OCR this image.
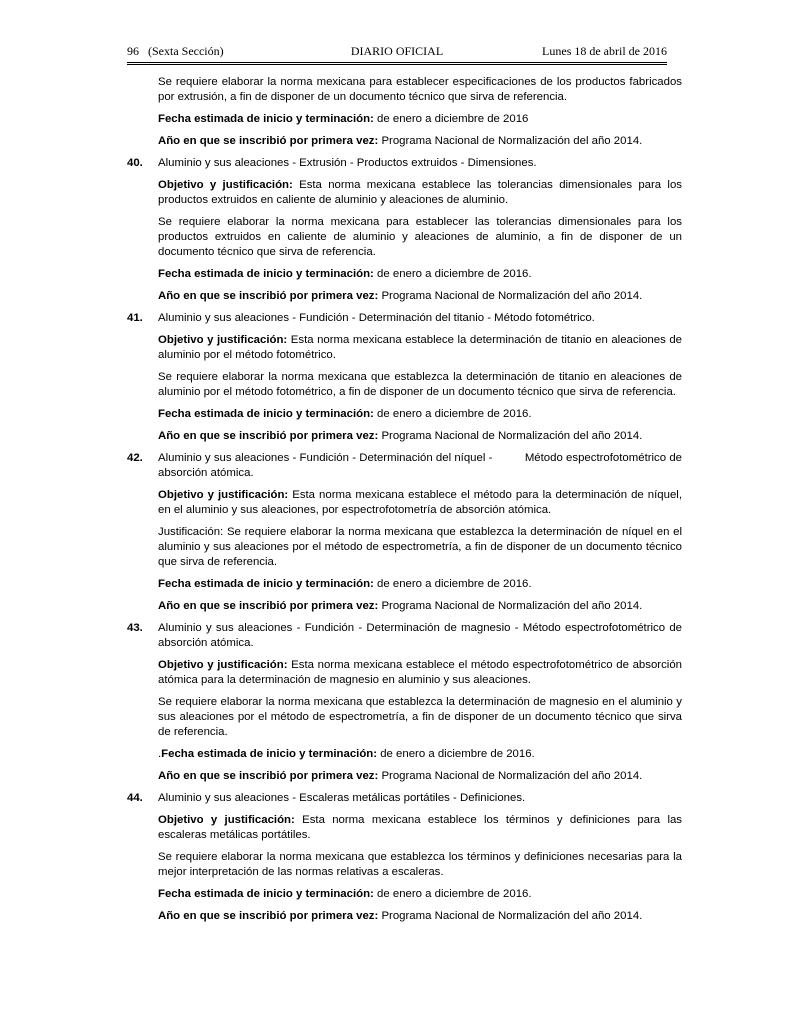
96 (Sexta Sección)	DIARIO OFICIAL	Lunes 18 de abril de 2016

Se requiere elaborar la norma mexicana para establecer especificaciones de los productos fabricados por extrusión, a fin de disponer de un documento técnico que sirva de referencia.

Fecha estimada de inicio y terminación: de enero a diciembre de 2016

Año en que se inscribió por primera vez: Programa Nacional de Normalización del año 2014.

40. Aluminio y sus aleaciones - Extrusión - Productos extruidos - Dimensiones.

Objetivo y justificación: Esta norma mexicana establece las tolerancias dimensionales para los productos extruidos en caliente de aluminio y aleaciones de aluminio.

Se requiere elaborar la norma mexicana para establecer las tolerancias dimensionales para los productos extruidos en caliente de aluminio y aleaciones de aluminio, a fin de disponer de un documento técnico que sirva de referencia.

Fecha estimada de inicio y terminación: de enero a diciembre de 2016.

Año en que se inscribió por primera vez: Programa Nacional de Normalización del año 2014.

41. Aluminio y sus aleaciones - Fundición - Determinación del titanio - Método fotométrico.

Objetivo y justificación: Esta norma mexicana establece la determinación de titanio en aleaciones de aluminio por el método fotométrico.

Se requiere elaborar la norma mexicana que establezca la determinación de titanio en aleaciones de aluminio por el método fotométrico, a fin de disponer de un documento técnico que sirva de referencia.

Fecha estimada de inicio y terminación: de enero a diciembre de 2016.

Año en que se inscribió por primera vez: Programa Nacional de Normalización del año 2014.

42. Aluminio y sus aleaciones - Fundición - Determinación del níquel -          Método espectrofotométrico de absorción atómica.

Objetivo y justificación: Esta norma mexicana establece el método para la determinación de níquel, en el aluminio y sus aleaciones, por espectrofotometría de absorción atómica.

Justificación: Se requiere elaborar la norma mexicana que establezca la determinación de níquel en el aluminio y sus aleaciones por el método de espectrometría, a fin de disponer de un documento técnico que sirva de referencia.

Fecha estimada de inicio y terminación: de enero a diciembre de 2016.

Año en que se inscribió por primera vez: Programa Nacional de Normalización del año 2014.

43. Aluminio y sus aleaciones - Fundición - Determinación de magnesio - Método espectrofotométrico de absorción atómica.

Objetivo y justificación: Esta norma mexicana establece el método espectrofotométrico de absorción atómica para la determinación de magnesio en aluminio y sus aleaciones.

Se requiere elaborar la norma mexicana que establezca la determinación de magnesio en el aluminio y sus aleaciones por el método de espectrometría, a fin de disponer de un documento técnico que sirva de referencia.

.Fecha estimada de inicio y terminación: de enero a diciembre de 2016.

Año en que se inscribió por primera vez: Programa Nacional de Normalización del año 2014.

44. Aluminio y sus aleaciones - Escaleras metálicas portátiles - Definiciones.

Objetivo y justificación: Esta norma mexicana establece los términos y definiciones para las escaleras metálicas portátiles.

Se requiere elaborar la norma mexicana que establezca los términos y definiciones necesarias para la mejor interpretación de las normas relativas a escaleras.

Fecha estimada de inicio y terminación: de enero a diciembre de 2016.

Año en que se inscribió por primera vez: Programa Nacional de Normalización del año 2014.
